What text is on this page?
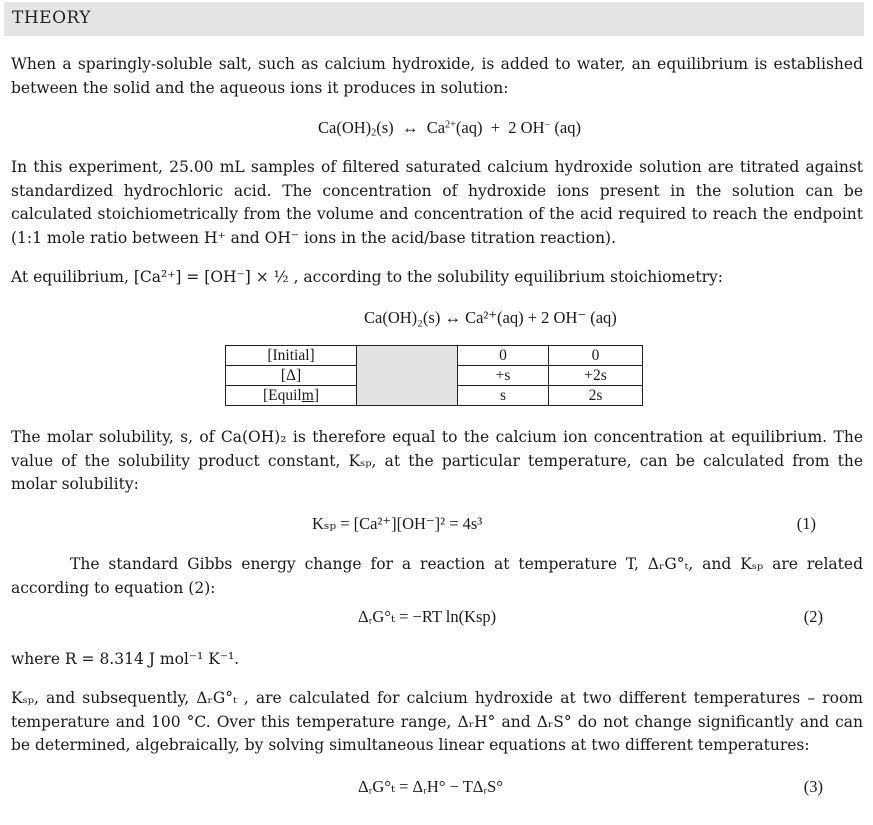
THEORY

When a sparingly-soluble salt, such as calcium hydroxide, is added to water, an equilibrium is established between the solid and the aqueous ions it produces in solution:

$Ca(OH)_2(s)$ ↔ $Ca^{2+}(aq) + 2$ OH− (aq)

In this experiment, 25.00 mL samples of filtered saturated calcium hydroxide solution are titrated against standardized hydrochloric acid. The concentration of hydroxide ions present in the solution can be calculated stoichiometrically from the volume and concentration of the acid required to reach the endpoint (1:1 mole ratio between H⁺ and OH⁻ ions in the acid/base titration reaction).

At equilibrium, [Ca²⁺] = [OH⁻] × ½ , according to the solubility equilibrium stoichiometry:

Ca(OH)₂(s) ↔ Ca²⁺(aq) + 2 OH⁻ (aq)
[Initial]		0	0
[Δ]		+s	+2s
[Equilm]		s	2s

The molar solubility, s, of Ca(OH)₂ is therefore equal to the calcium ion concentration at equilibrium. The value of the solubility product constant, Kₛₚ, at the particular temperature, can be calculated from the molar solubility:

Kₛₚ = [Ca²⁺][OH⁻]² = 4s³	(1)

The standard Gibbs energy change for a reaction at temperature T, ΔᵣG°ₜ, and Kₛₚ are related according to equation (2):

ΔᵣG°ₜ = −RT ln(Ksp)	(2)

where R = 8.314 J mol⁻¹ K⁻¹.

Kₛₚ, and subsequently, ΔᵣG°ₜ , are calculated for calcium hydroxide at two different temperatures – room temperature and 100 °C. Over this temperature range, ΔᵣH° and ΔᵣS° do not change significantly and can be determined, algebraically, by solving simultaneous linear equations at two different temperatures:

ΔᵣG°ₜ = ΔᵣH° − TΔᵣS°	(3)
